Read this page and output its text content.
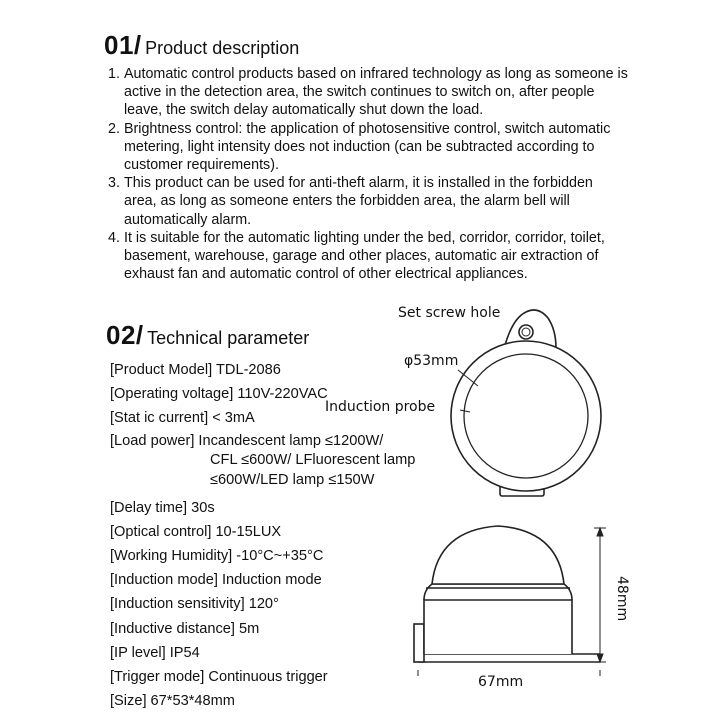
01 / Product description
1. Automatic control products based on infrared technology as long as someone is active in the detection area, the switch continues to switch on, after people leave, the switch delay automatically shut down the load.
2. Brightness control: the application of photosensitive control, switch automatic metering, light intensity does not induction (can be subtracted according to customer requirements).
3. This product can be used for anti-theft alarm, it is installed in the forbidden area, as long as someone enters the forbidden area, the alarm bell will automatically alarm.
4. It is suitable for the automatic lighting under the bed, corridor, corridor, toilet, basement, warehouse, garage and other places, automatic air extraction of exhaust fan and automatic control of other electrical appliances.
02 / Technical parameter
[Product Model] TDL-2086
[Operating voltage] 110V-220VAC
[Stat ic current] < 3mA
[Load power] Incandescent lamp ≤1200W/
CFL ≤600W/ LFluorescent lamp
≤600W/LED lamp ≤150W
[Delay time] 30s
[Optical control] 10-15LUX
[Working Humidity] -10°C~+35°C
[Induction mode] Induction mode
[Induction sensitivity] 120°
[Inductive distance] 5m
[IP level] IP54
[Trigger mode] Continuous trigger
[Size] 67*53*48mm
Set screw hole
φ53mm
Induction probe
67mm
48mm
